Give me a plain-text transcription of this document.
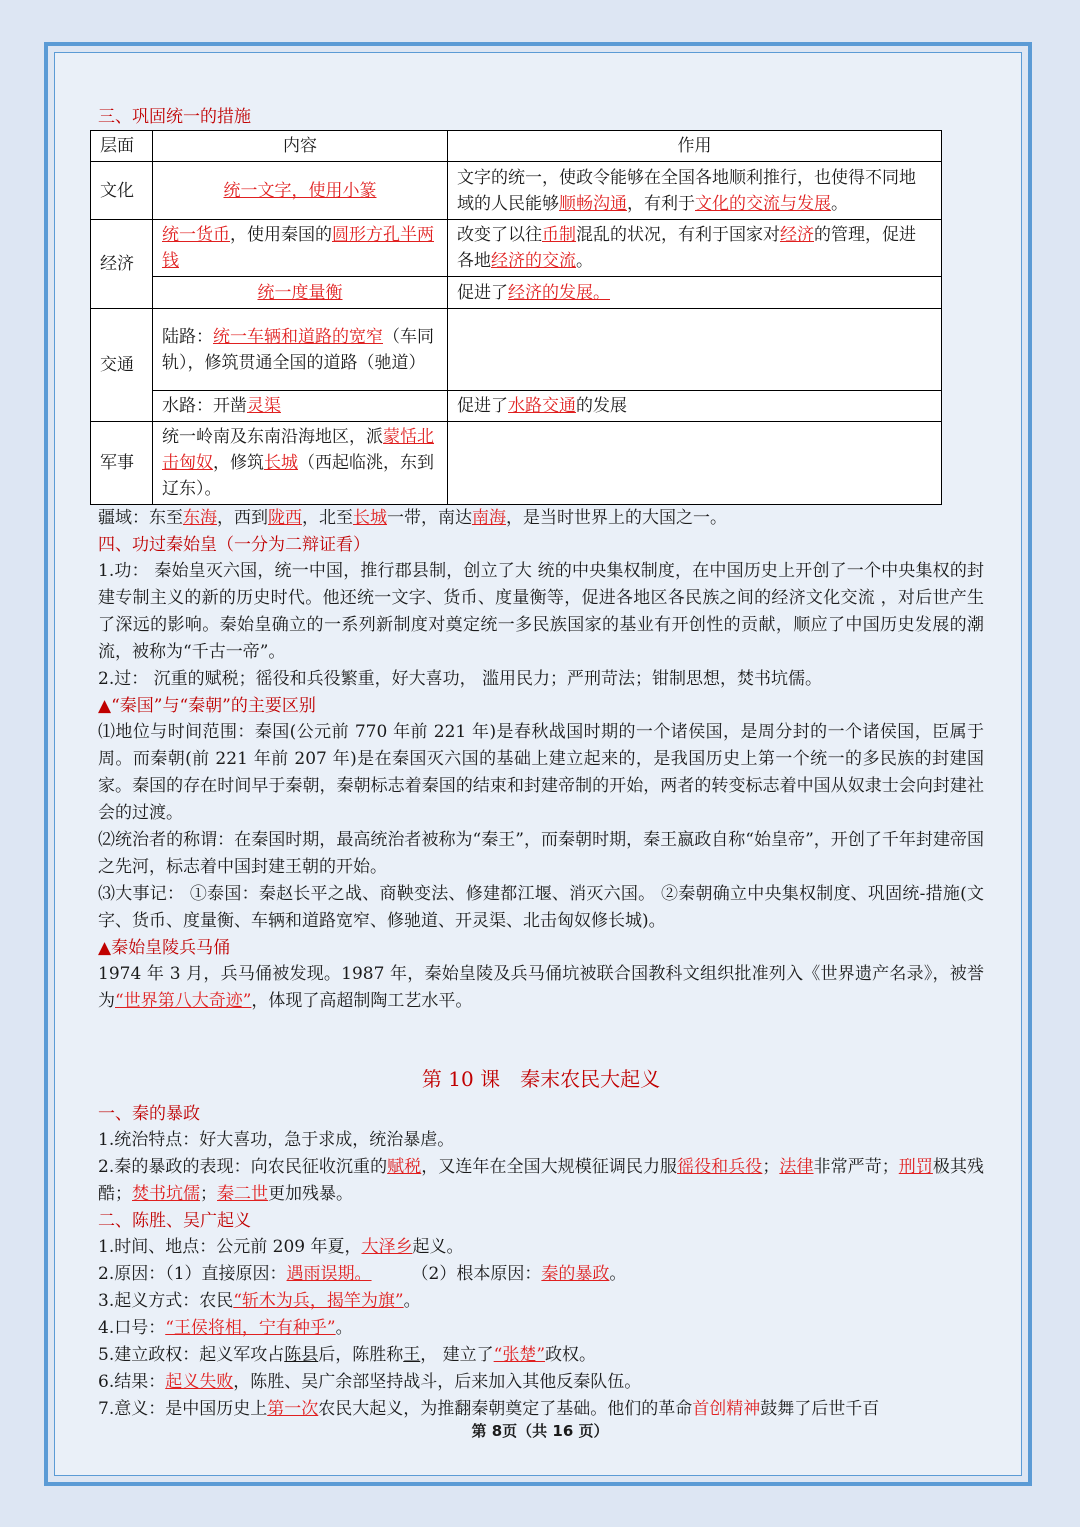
三、巩固统一的措施
层面	内容	作用
文化	统一文字，使用小篆	文字的统一，使政令能够在全国各地顺利推行，也使得不同地域的人民能够顺畅沟通，有利于文化的交流与发展。
经济	统一货币，使用秦国的圆形方孔半两钱	改变了以往币制混乱的状况，有利于国家对经济的管理，促进各地经济的交流。
	统一度量衡	促进了经济的发展。
交通	陆路：统一车辆和道路的宽窄（车同轨），修筑贯通全国的道路（驰道）	
	水路：开凿灵渠	促进了水路交通的发展
军事	统一岭南及东南沿海地区，派蒙恬北击匈奴，修筑长城（西起临洮，东到辽东）。	
疆域：东至东海，西到陇西，北至长城一带，南达南海，是当时世界上的大国之一。
四、功过秦始皇（一分为二辩证看）
1.功： 秦始皇灭六国，统一中国，推行郡县制，创立了大 统的中央集权制度，在中国历史上开创了一个中央集权的封建专制主义的新的历史时代。他还统一文字、货币、度量衡等，促进各地区各民族之间的经济文化交流 ，对后世产生了深远的影响。秦始皇确立的一系列新制度对奠定统一多民族国家的基业有开创性的贡献，顺应了中国历史发展的潮流，被称为“千古一帝”。
2.过： 沉重的赋税；徭役和兵役繁重，好大喜功， 滥用民力；严刑苛法；钳制思想，焚书坑儒。
▲“秦国”与“秦朝”的主要区别
⑴地位与时间范围：秦国(公元前 770 年前 221 年)是春秋战国时期的一个诸侯国，是周分封的一个诸侯国，臣属于周。而秦朝(前 221 年前 207 年)是在秦国灭六国的基础上建立起来的，是我国历史上第一个统一的多民族的封建国家。秦国的存在时间早于秦朝，秦朝标志着秦国的结束和封建帝制的开始，两者的转变标志着中国从奴隶士会向封建社会的过渡。
⑵统治者的称谓：在秦国时期，最高统治者被称为“秦王”，而秦朝时期，秦王嬴政自称“始皇帝”，开创了千年封建帝国之先河，标志着中国封建王朝的开始。
⑶大事记： ①泰国：秦赵长平之战、商鞅变法、修建都江堰、消灭六国。 ②秦朝确立中央集权制度、巩固统-措施(文字、货币、度量衡、车辆和道路宽窄、修驰道、开灵渠、北击匈奴修长城)。
▲秦始皇陵兵马俑
1974 年 3 月，兵马俑被发现。1987 年，秦始皇陵及兵马俑坑被联合国教科文组织批准列入《世界遗产名录》，被誉为“世界第八大奇迹”，体现了高超制陶工艺水平。
第 10 课　秦末农民大起义
一、秦的暴政
1.统治特点：好大喜功，急于求成，统治暴虐。
2.秦的暴政的表现：向农民征收沉重的赋税，又连年在全国大规模征调民力服徭役和兵役；法律非常严苛；刑罚极其残酷；焚书坑儒；秦二世更加残暴。
二、陈胜、吴广起义
1.时间、地点：公元前 209 年夏，大泽乡起义。
2.原因：（1）直接原因：遇雨误期。 （2）根本原因：秦的暴政。
3.起义方式：农民“斩木为兵，揭竿为旗”。
4.口号：“王侯将相，宁有种乎”。
5.建立政权：起义军攻占陈县后，陈胜称王， 建立了“张楚”政权。
6.结果：起义失败，陈胜、吴广余部坚持战斗，后来加入其他反秦队伍。
7.意义：是中国历史上第一次农民大起义，为推翻秦朝奠定了基础。他们的革命首创精神鼓舞了后世千百
第 8页（共 16 页）
